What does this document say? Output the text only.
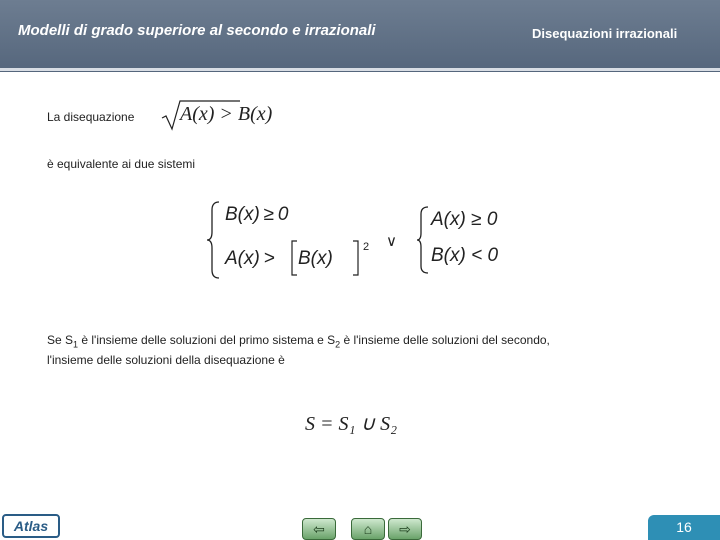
Modelli di grado superiore al secondo e irrazionali	Disequazioni irrazionali
La disequazione A(x) > B(x)
è equivalente ai due sistemi
B(x) ≥ 0
A(x) > 
2
B(x)
∨
A(x) ≥ 0
B(x) < 0
Se $S_1$ è l'insieme delle soluzioni del primo sistema e $S_2$ è l'insieme delle soluzioni del secondo,
l'insieme delle soluzioni della disequazione è
S = S₁ ∪ S₂
Atlas	⇦	⌂	⇨	16
